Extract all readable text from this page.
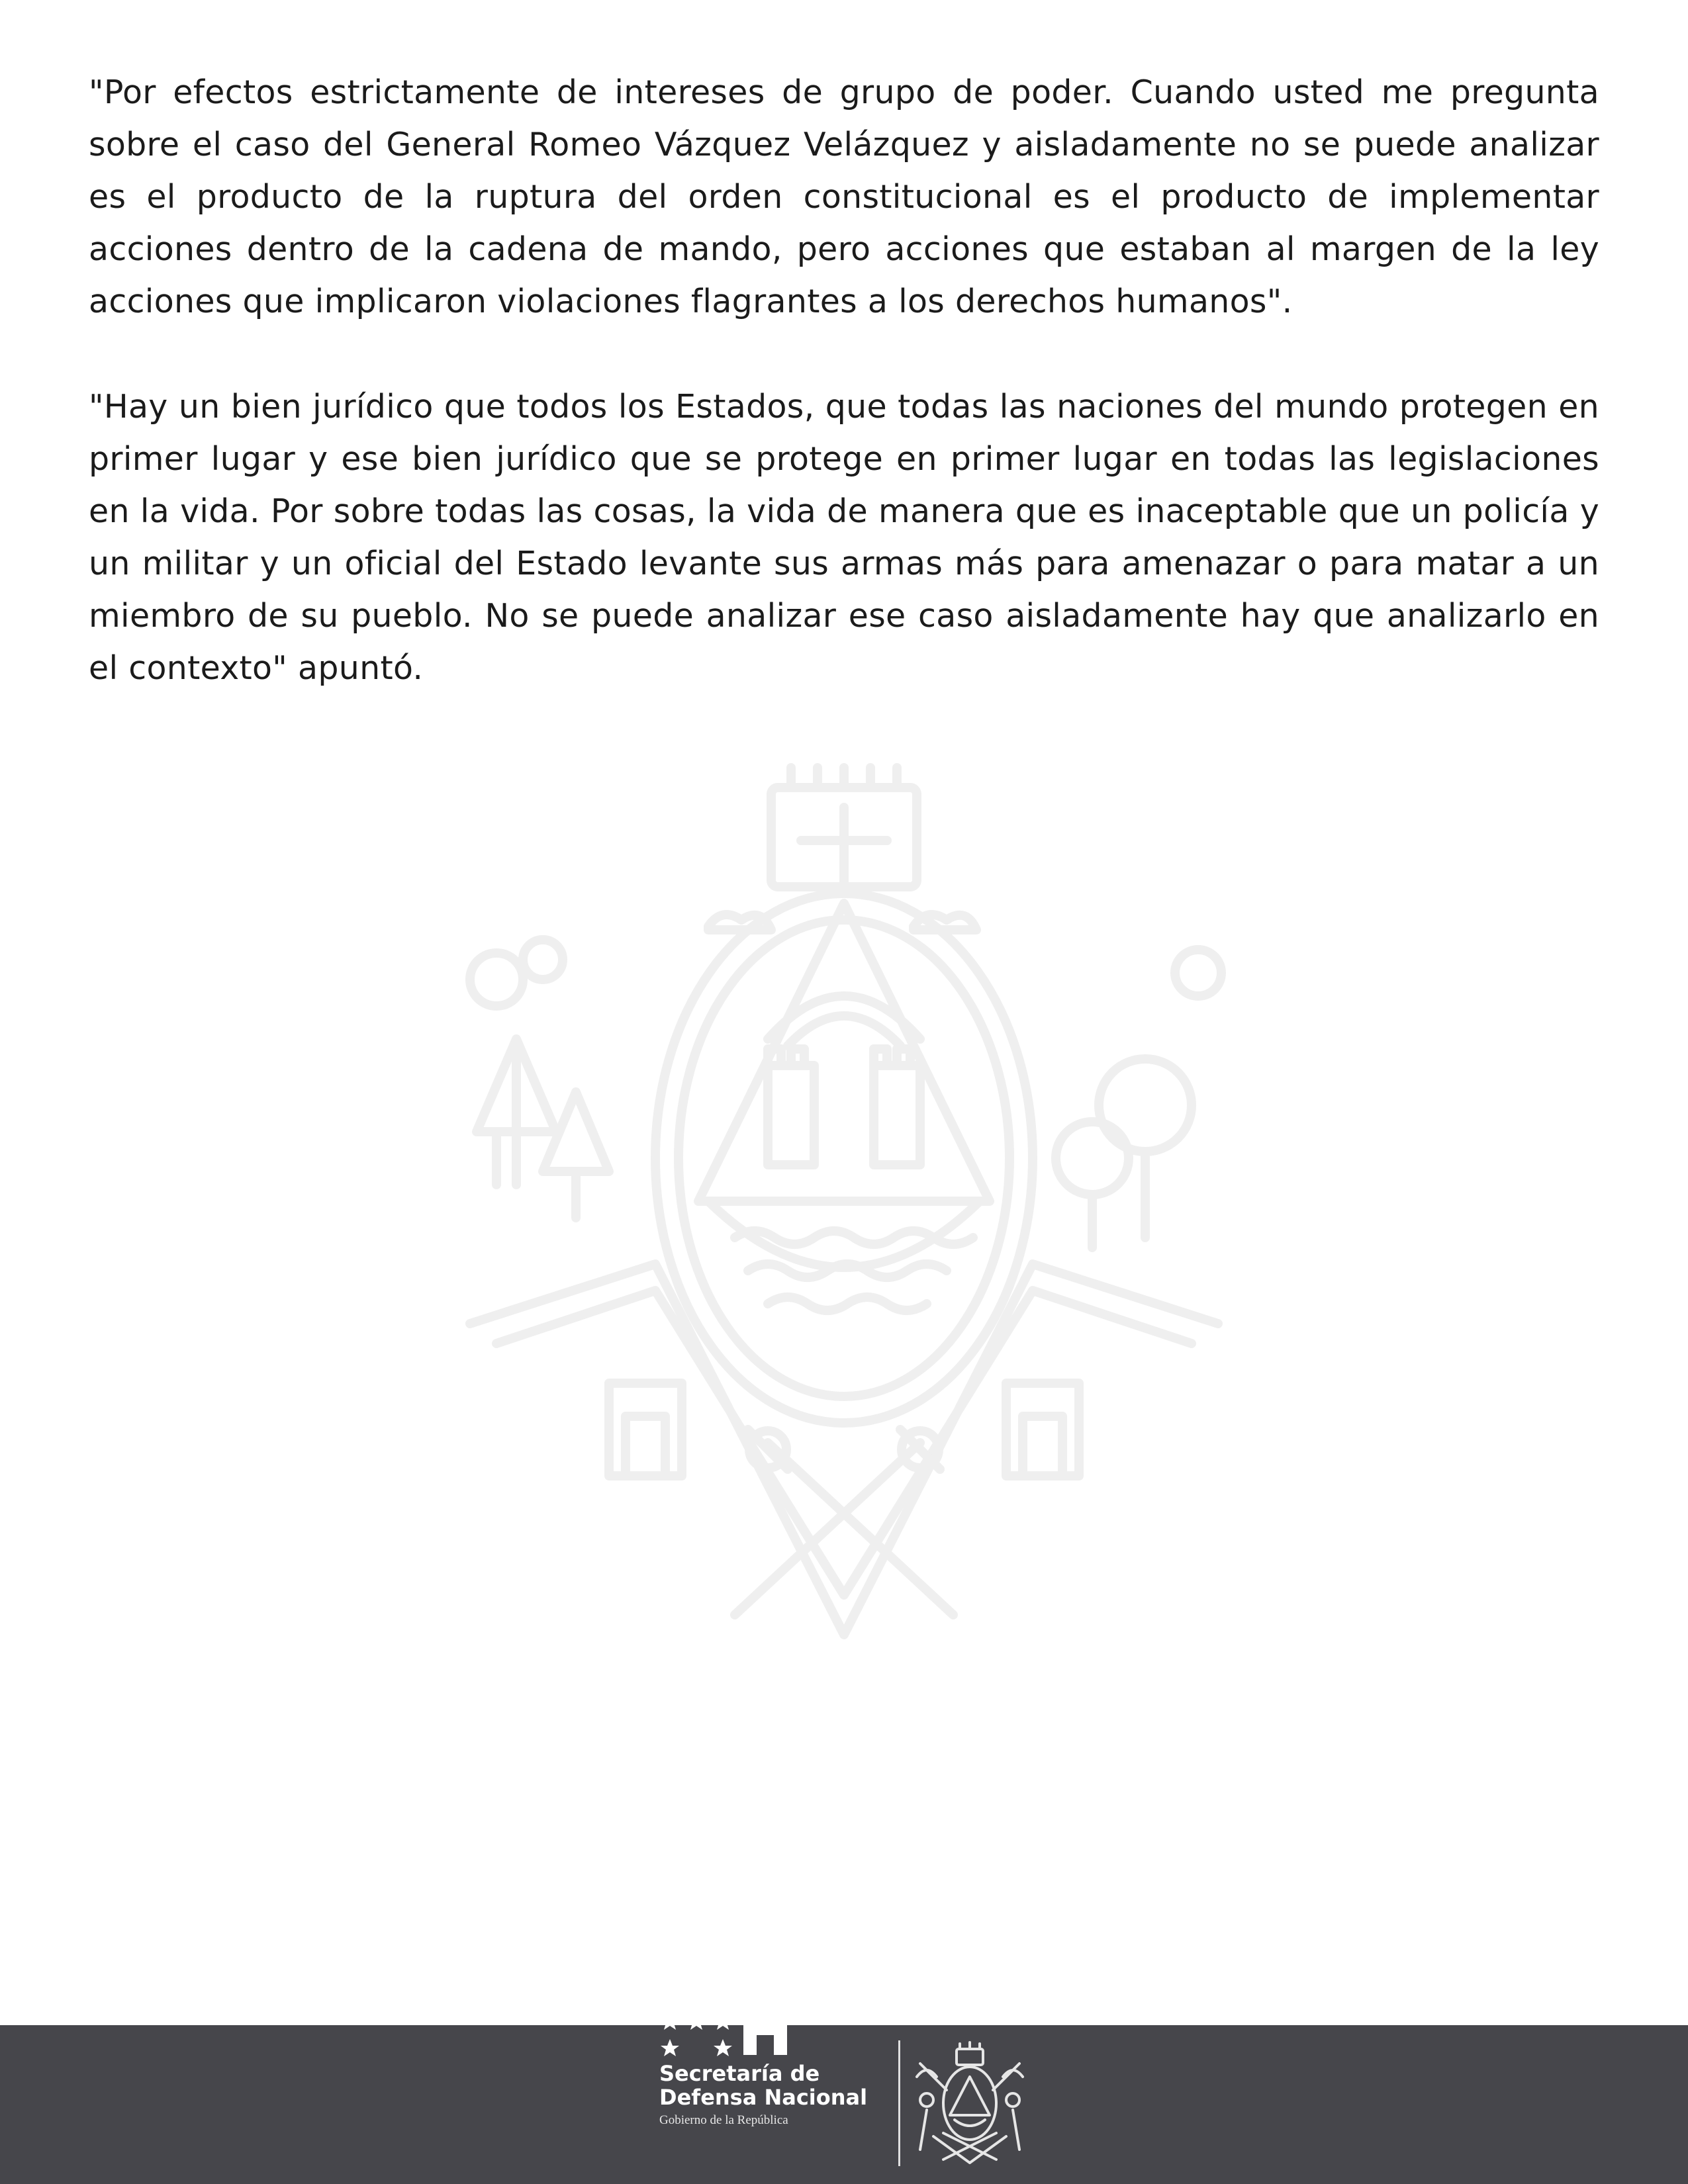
"Por efectos estrictamente de intereses de grupo de poder. Cuando usted me pregunta sobre el caso del General Romeo Vázquez Velázquez y aisladamente no se puede analizar es el producto de la ruptura del orden constitucional es el producto de implementar acciones dentro de la cadena de mando, pero acciones que estaban al margen de la ley acciones que implicaron violaciones flagrantes a los derechos humanos".

"Hay un bien jurídico que todos los Estados, que todas las naciones del mundo protegen en primer lugar y ese bien jurídico que se protege en primer lugar en todas las legislaciones en la vida. Por sobre todas las cosas, la vida de manera que es inaceptable que un policía y un militar y un oficial del Estado levante sus armas más para amenazar o para matar a un miembro de su pueblo. No se puede analizar ese caso aisladamente hay que analizarlo en el contexto" apuntó.

Secretaría de
Defensa Nacional
Gobierno de la República
